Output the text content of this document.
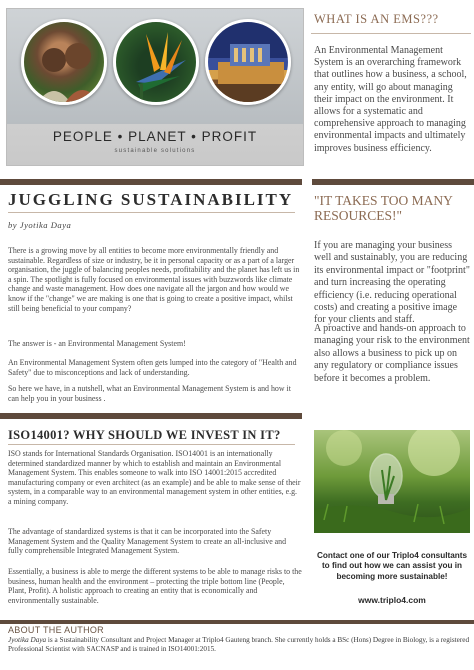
PEOPLE • PLANET • PROFIT
sustainable solutions
WHAT IS AN EMS???
An Environmental Management System is an overarching framework that outlines how a business, a school, any entity, will go about managing their impact on the environment. It allows for a systematic and comprehensive approach to managing environmental impacts and ultimately improves business efficiency.
"IT TAKES TOO MANY RESOURCES!"
If you are managing your business well and sustainably, you are reducing its environmental impact or "footprint" and turn increasing the operating efficiency (i.e. reducing operational costs) and creating a positive image for your clients and staff.
A proactive and hands-on approach to managing your risk to the environment also allows a business to pick up on any regulatory or compliance issues before it becomes a problem.
Contact one of our Triplo4 consultants to find out how we can assist you in becoming more sustainable!
www.triplo4.com
JUGGLING SUSTAINABILITY
by Jyotika Daya
There is a growing move by all entities to become more environmentally friendly and sustainable. Regardless of size or industry, be it in personal capacity or as a part of a larger organisation, the juggle of balancing peoples needs, profitability and the planet has left us in a spin. The spotlight is fully focused on environmental issues with buzzwords like climate change and waste management. How does one navigate all the jargon and how would we know if the "change" we are making is one that is going to create a positive impact, whilst still being beneficial to your company?
The answer is - an Environmental Management System!
An Environmental Management System often gets lumped into the category of "Health and Safety" due to misconceptions and lack of understanding.
So here we have, in a nutshell, what an Environmental Management System is and how it can help you in your business .
ISO14001? WHY SHOULD WE INVEST IN IT?
ISO stands for International Standards Organisation. ISO14001 is an internationally determined standardized manner by which to establish and maintain an Environmental Management System. This enables someone to walk into ISO 14001:2015 accredited manufacturing company or even architect (as an example) and be able to make sense of their system, in a comparable way to an environmental management system in other entities, e.g. a mining company.
The advantage of standardized systems is that it can be incorporated into the Safety Management System and the Quality Management System to create an all-inclusive and fully comprehensible Integrated Management System.
Essentially, a business is able to merge the different systems to be able to manage risks to the business, human health and the environment – protecting the triple bottom line (People, Plant, Profit). A holistic approach to creating an entity that is economically and environmentally sustainable.
ABOUT THE AUTHOR
Jyotika Daya is a Sustainability Consultant and Project Manager at Triplo4 Gauteng branch. She currently holds a BSc (Hons) Degree in Biology, is a registered Professional Scientist with SACNASP and is trained in ISO14001:2015.
